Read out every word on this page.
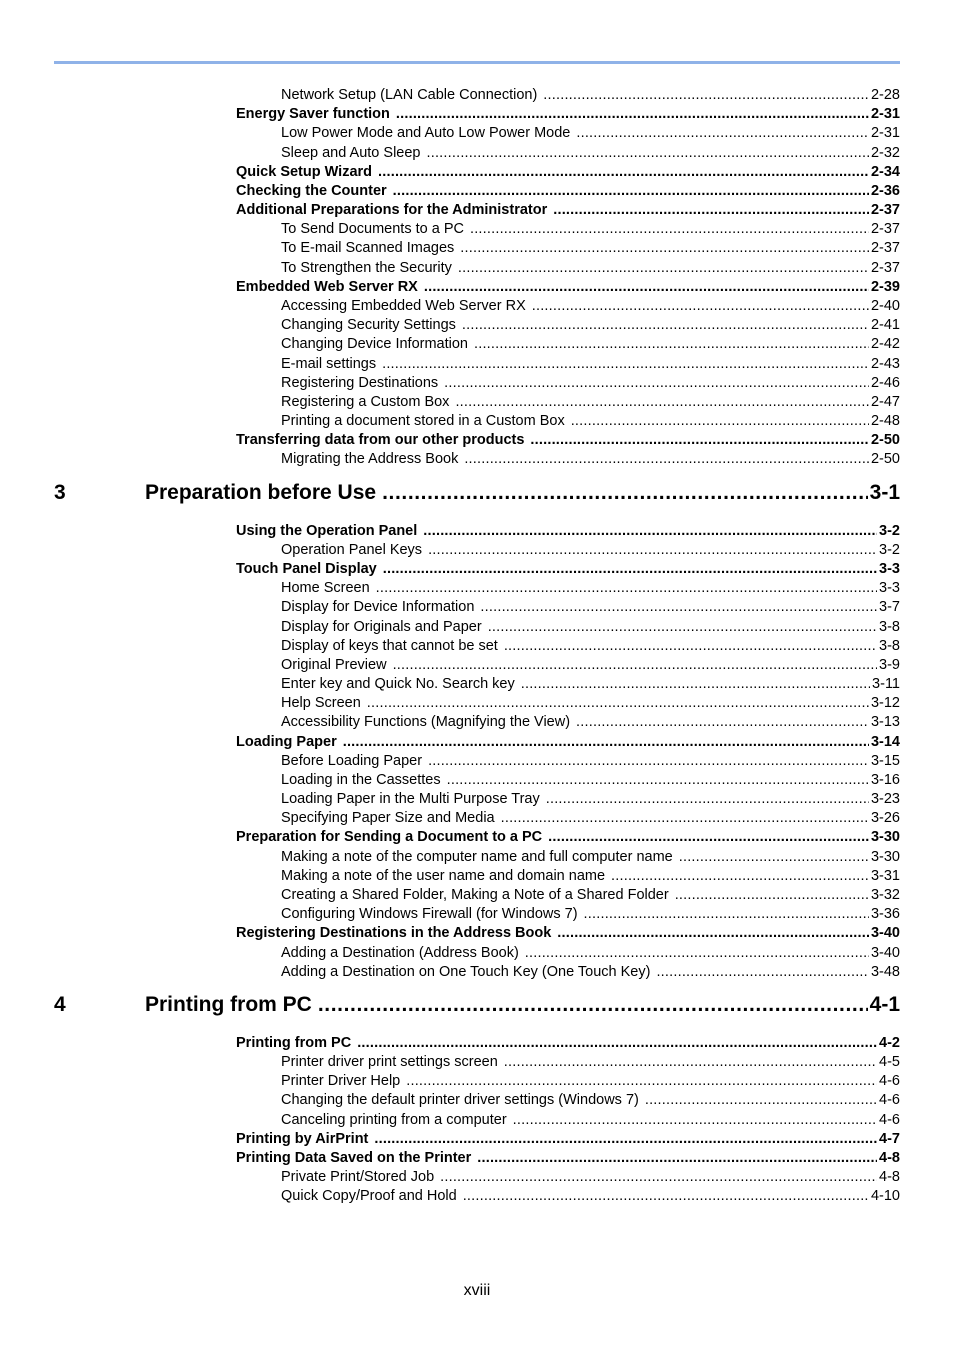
Network Setup (LAN Cable Connection) .....	2-28
Energy Saver function .....	2-31
Low Power Mode and Auto Low Power Mode .....	2-31
Sleep and Auto Sleep .....	2-32
Quick Setup Wizard .....	2-34
Checking the Counter .....	2-36
Additional Preparations for the Administrator .....	2-37
To Send Documents to a PC .....	2-37
To E-mail Scanned Images .....	2-37
To Strengthen the Security .....	2-37
Embedded Web Server RX .....	2-39
Accessing Embedded Web Server RX .....	2-40
Changing Security Settings .....	2-41
Changing Device Information .....	2-42
E-mail settings .....	2-43
Registering Destinations .....	2-46
Registering a Custom Box .....	2-47
Printing a document stored in a Custom Box .....	2-48
Transferring data from our other products .....	2-50
Migrating the Address Book .....	2-50
3	Preparation before Use .....	3-1
Using the Operation Panel .....	3-2
Operation Panel Keys .....	3-2
Touch Panel Display .....	3-3
Home Screen .....	3-3
Display for Device Information .....	3-7
Display for Originals and Paper .....	3-8
Display of keys that cannot be set .....	3-8
Original Preview .....	3-9
Enter key and Quick No. Search key .....	3-11
Help Screen .....	3-12
Accessibility Functions (Magnifying the View) .....	3-13
Loading Paper .....	3-14
Before Loading Paper .....	3-15
Loading in the Cassettes .....	3-16
Loading Paper in the Multi Purpose Tray .....	3-23
Specifying Paper Size and Media .....	3-26
Preparation for Sending a Document to a PC .....	3-30
Making a note of the computer name and full computer name .....	3-30
Making a note of the user name and domain name .....	3-31
Creating a Shared Folder, Making a Note of a Shared Folder .....	3-32
Configuring Windows Firewall (for Windows 7) .....	3-36
Registering Destinations in the Address Book .....	3-40
Adding a Destination (Address Book) .....	3-40
Adding a Destination on One Touch Key (One Touch Key) .....	3-48
4	Printing from PC .....	4-1
Printing from PC .....	4-2
Printer driver print settings screen .....	4-5
Printer Driver Help .....	4-6
Changing the default printer driver settings (Windows 7) .....	4-6
Canceling printing from a computer .....	4-6
Printing by AirPrint .....	4-7
Printing Data Saved on the Printer .....	4-8
Private Print/Stored Job .....	4-8
Quick Copy/Proof and Hold .....	4-10
xviii
